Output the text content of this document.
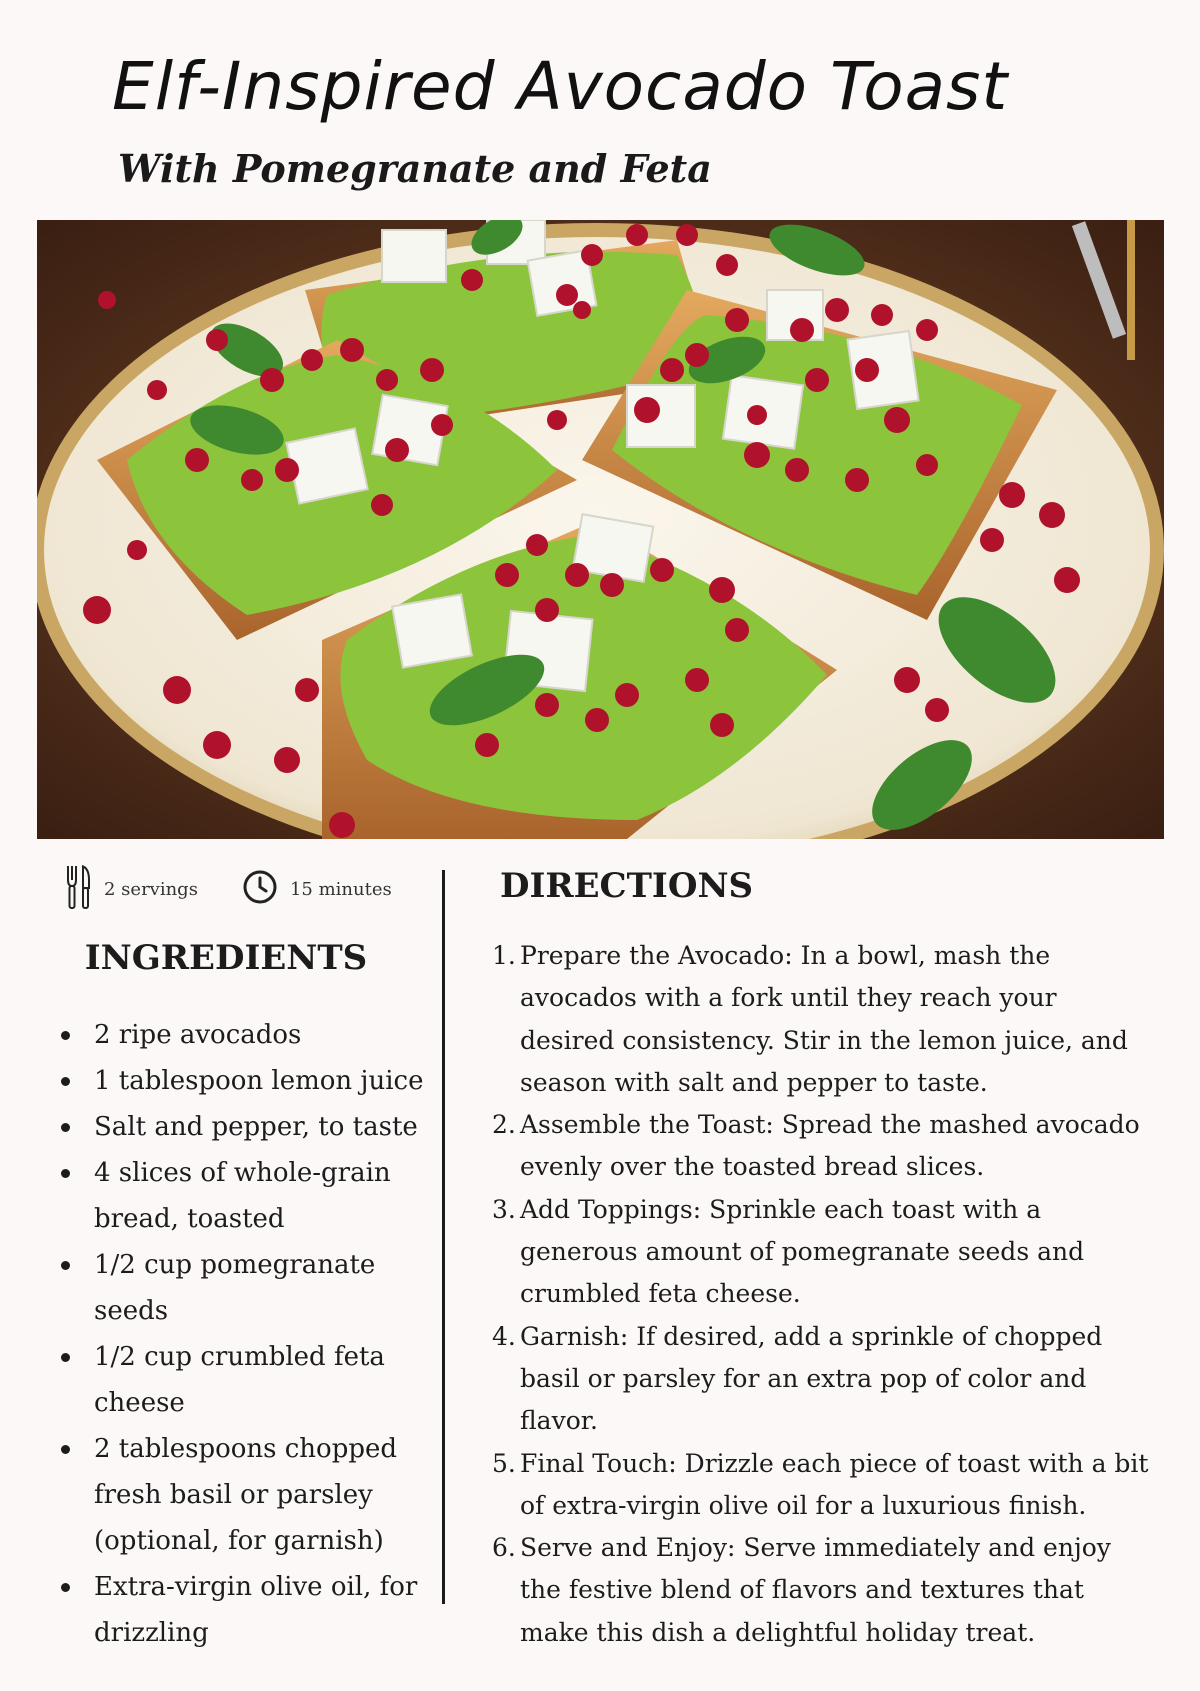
Elf-Inspired Avocado Toast
With Pomegranate and Feta
2 servings	15 minutes
INGREDIENTS
2 ripe avocados
1 tablespoon lemon juice
Salt and pepper, to taste
4 slices of whole-grain bread, toasted
1/2 cup pomegranate seeds
1/2 cup crumbled feta cheese
2 tablespoons chopped fresh basil or parsley (optional, for garnish)
Extra-virgin olive oil, for drizzling
DIRECTIONS
1. Prepare the Avocado: In a bowl, mash the avocados with a fork until they reach your desired consistency. Stir in the lemon juice, and season with salt and pepper to taste.
2. Assemble the Toast: Spread the mashed avocado evenly over the toasted bread slices.
3. Add Toppings: Sprinkle each toast with a generous amount of pomegranate seeds and crumbled feta cheese.
4. Garnish: If desired, add a sprinkle of chopped basil or parsley for an extra pop of color and flavor.
5. Final Touch: Drizzle each piece of toast with a bit of extra-virgin olive oil for a luxurious finish.
6. Serve and Enjoy: Serve immediately and enjoy the festive blend of flavors and textures that make this dish a delightful holiday treat.
